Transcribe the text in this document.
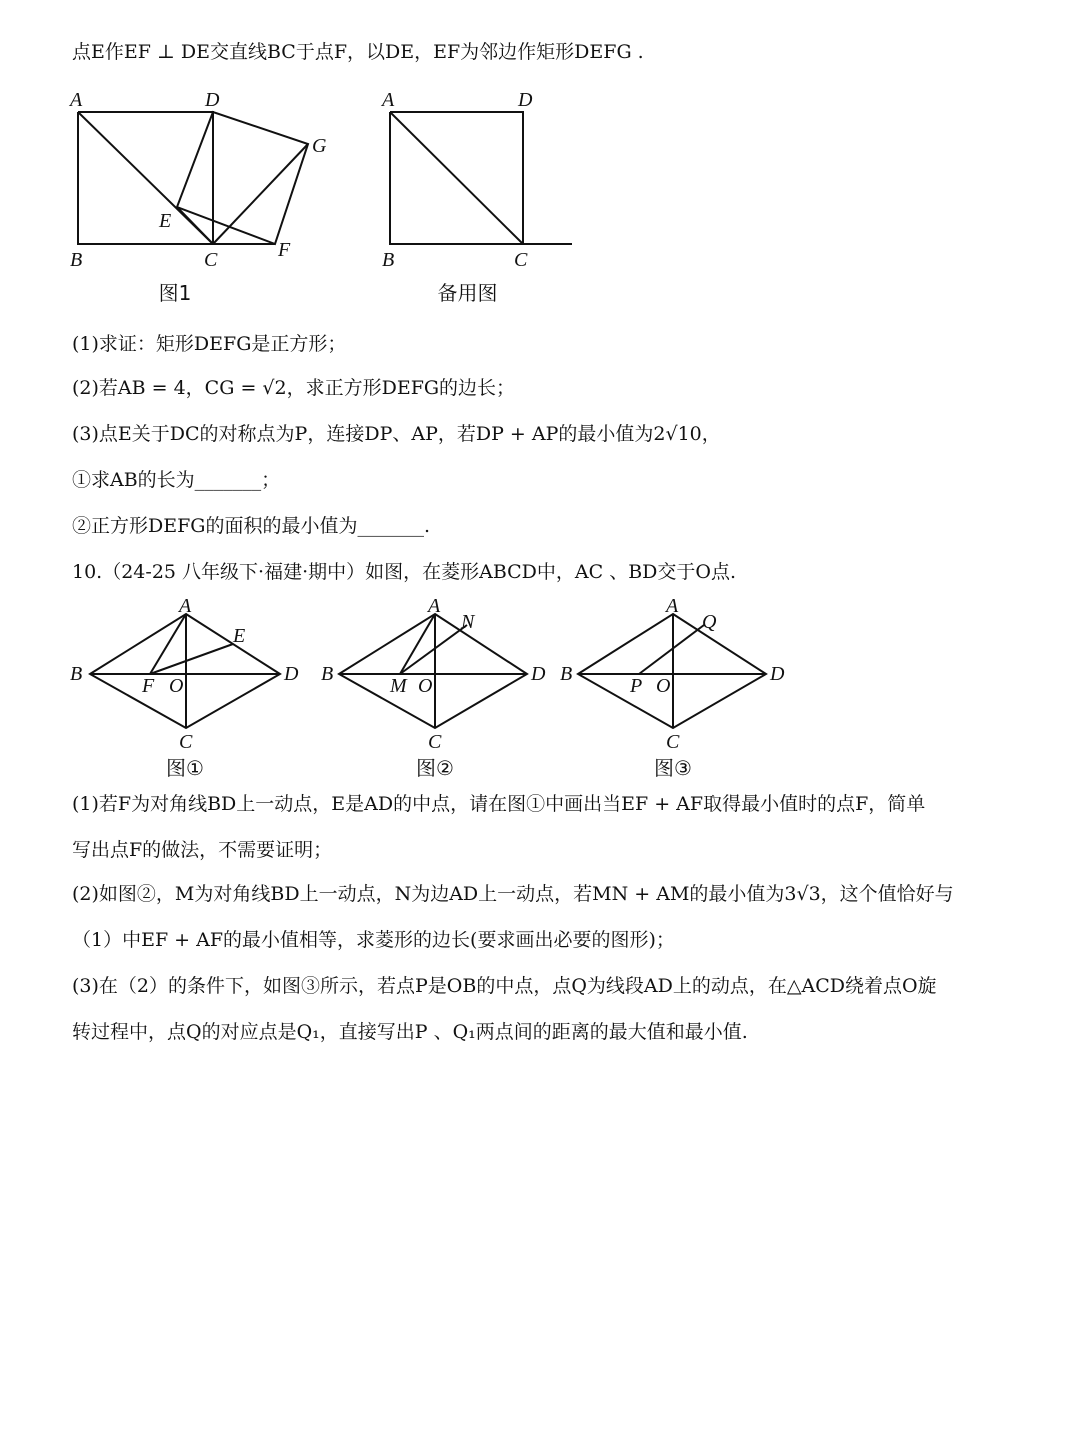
点E作EF ⊥ DE交直线BC于点F，以DE，EF为邻边作矩形DEFG .
A	D
G
E
B	C	F
图1
A	D
B	C
备用图
(1)求证：矩形DEFG是正方形；
(2)若AB = 4，CG = √2，求正方形DEFG的边长；
(3)点E关于DC的对称点为P，连接DP、AP，若DP + AP的最小值为2√10，
①求AB的长为_______；
②正方形DEFG的面积的最小值为_______.
10.（24-25 八年级下·福建·期中）如图，在菱形ABCD中，AC 、BD交于O点.
A
E
B	D
F O
C
图①
A
N
B	D
M O
C
图②
A
Q
B	D
P O
C
图③
(1)若F为对角线BD上一动点，E是AD的中点，请在图①中画出当EF + AF取得最小值时的点F，简单
写出点F的做法，不需要证明；
(2)如图②，M为对角线BD上一动点，N为边AD上一动点，若MN + AM的最小值为3√3，这个值恰好与
（1）中EF + AF的最小值相等，求菱形的边长(要求画出必要的图形)；
(3)在（2）的条件下，如图③所示，若点P是OB的中点，点Q为线段AD上的动点，在△ACD绕着点O旋
转过程中，点Q的对应点是Q₁，直接写出P 、Q₁两点间的距离的最大值和最小值.
